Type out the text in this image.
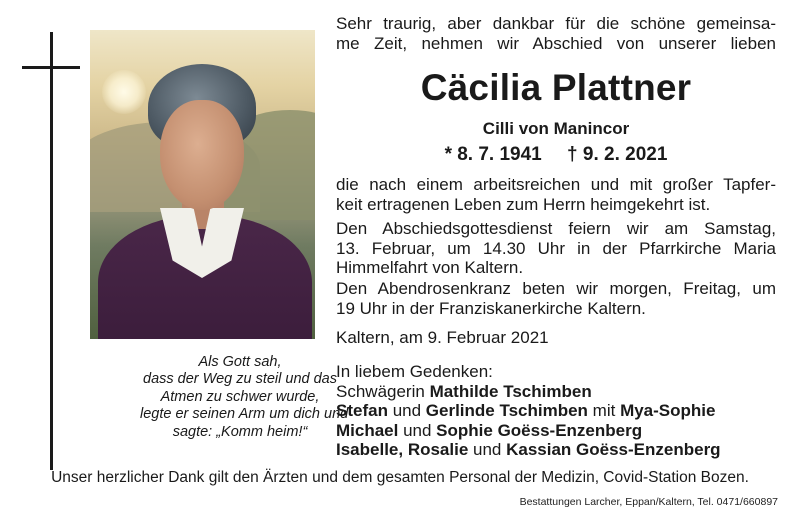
Als Gott sah,
dass der Weg zu steil und das
Atmen zu schwer wurde,
legte er seinen Arm um dich und
sagte: „Komm heim!“
Sehr traurig, aber dankbar für die schöne gemeinsa-
me Zeit, nehmen wir Abschied von unserer lieben
Cäcilia Plattner
Cilli von Manincor
* 8. 7. 1941 † 9. 2. 2021
die nach einem arbeitsreichen und mit großer Tapfer-
keit ertragenen Leben zum Herrn heimgekehrt ist.
Den Abschiedsgottesdienst feiern wir am Samstag,
13. Februar, um 14.30 Uhr in der Pfarrkirche Maria
Himmelfahrt von Kaltern.
Den Abendrosenkranz beten wir morgen, Freitag, um
19 Uhr in der Franziskanerkirche Kaltern.
Kaltern, am 9. Februar 2021
In liebem Gedenken:
Schwägerin Mathilde Tschimben
Stefan und Gerlinde Tschimben mit Mya-Sophie
Michael und Sophie Goëss-Enzenberg
Isabelle, Rosalie und Kassian Goëss-Enzenberg
Unser herzlicher Dank gilt den Ärzten und dem gesamten Personal der Medizin, Covid-Station Bozen.
Bestattungen Larcher, Eppan/Kaltern, Tel. 0471/660897
